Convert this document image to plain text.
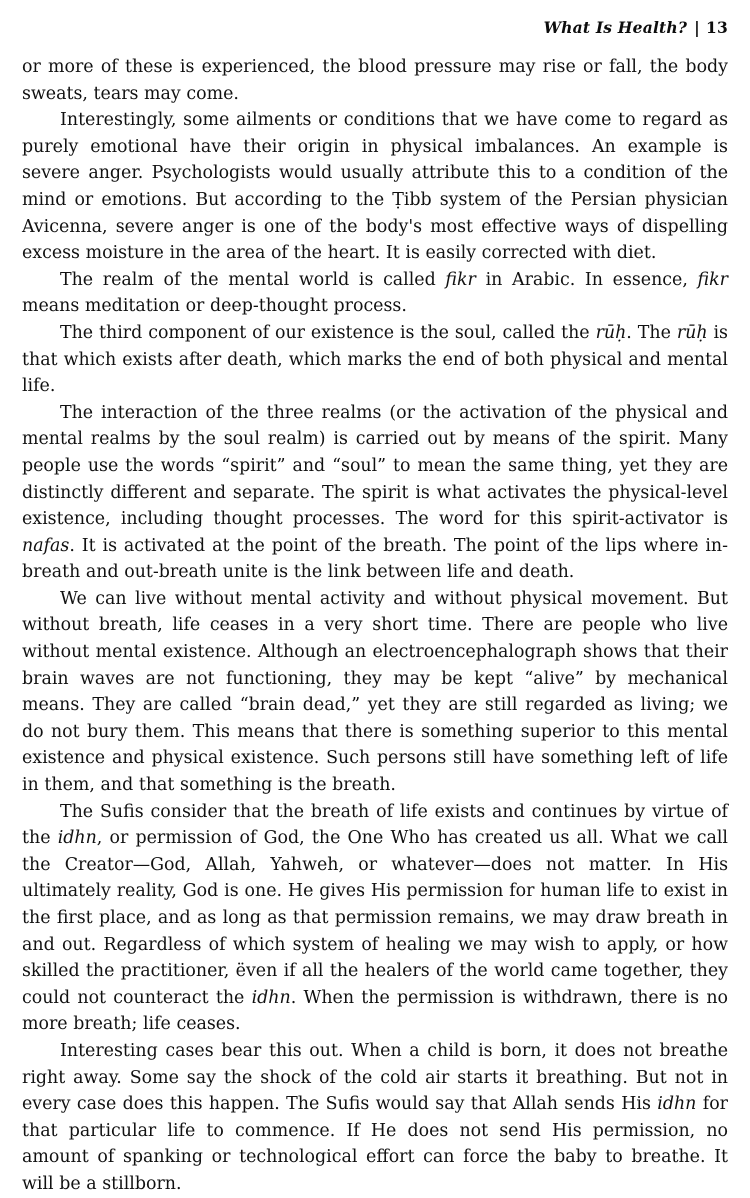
What Is Health? | 13

or more of these is experienced, the blood pressure may rise or fall, the body sweats, tears may come.

Interestingly, some ailments or conditions that we have come to regard as purely emotional have their origin in physical imbalances. An example is severe anger. Psychologists would usually attribute this to a condition of the mind or emotions. But according to the Ṭibb system of the Persian physician Avicenna, severe anger is one of the body's most effective ways of dispelling excess moisture in the area of the heart. It is easily corrected with diet.

The realm of the mental world is called fikr in Arabic. In essence, fikr means meditation or deep-thought process.

The third component of our existence is the soul, called the rūḥ. The rūḥ is that which exists after death, which marks the end of both physical and mental life.

The interaction of the three realms (or the activation of the physical and mental realms by the soul realm) is carried out by means of the spirit. Many people use the words “spirit” and “soul” to mean the same thing, yet they are distinctly different and separate. The spirit is what activates the physical-level existence, including thought processes. The word for this spirit-activator is nafas. It is activated at the point of the breath. The point of the lips where in-breath and out-breath unite is the link between life and death.

We can live without mental activity and without physical movement. But without breath, life ceases in a very short time. There are people who live without mental existence. Although an electroencephalograph shows that their brain waves are not functioning, they may be kept “alive” by mechanical means. They are called “brain dead,” yet they are still regarded as living; we do not bury them. This means that there is something superior to this mental existence and physical existence. Such persons still have something left of life in them, and that something is the breath.

The Sufis consider that the breath of life exists and continues by virtue of the idhn, or permission of God, the One Who has created us all. What we call the Creator—God, Allah, Yahweh, or whatever—does not matter. In His ultimately reality, God is one. He gives His permission for human life to exist in the first place, and as long as that permission remains, we may draw breath in and out. Regardless of which system of healing we may wish to apply, or how skilled the practitioner, ëven if all the healers of the world came together, they could not counteract the idhn. When the permission is withdrawn, there is no more breath; life ceases.

Interesting cases bear this out. When a child is born, it does not breathe right away. Some say the shock of the cold air starts it breathing. But not in every case does this happen. The Sufis would say that Allah sends His idhn for that particular life to commence. If He does not send His permission, no amount of spanking or technological effort can force the baby to breathe. It will be a stillborn.
